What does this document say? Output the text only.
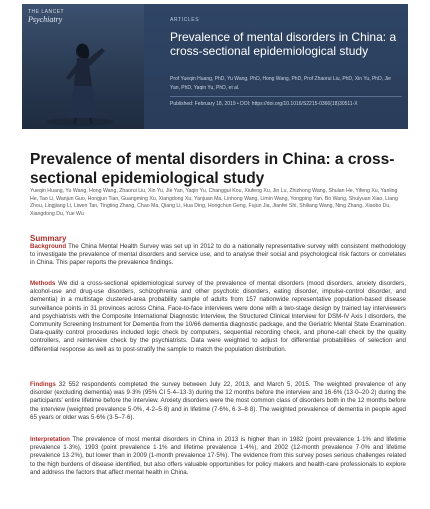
THE LANCET
Psychiatry	ARTICLES
Prevalence of mental disorders in China: a cross-sectional epidemiological study
Prof Yueqin Huang, PhD, Yu Wang, PhD, Hong Wang, PhD, Prof Zhaorui Liu, PhD, Xin Yu, PhD, Jie Yan, PhD, Yaqin Yu, PhD, et al.
Published: February 18, 2019 • DOI: https://doi.org/10.1016/S2215-0366(18)30511-X
Prevalence of mental disorders in China: a cross-sectional epidemiological study
Yueqin Huang, Yu Wang, Hong Wang, Zhaorui Liu, Xin Yu, Jie Yan, Yaqin Yu, Changgui Kou, Xiufeng Xu, Jin Lu, Zhizhong Wang, Shulan He, Yifeng Xu, Yanling He, Tao Li, Wanjun Guo, Hongjun Tian, Guangming Xu, Xiangdong Xu, Yanjuan Ma, Linhong Wang, Limin Wang, Yongping Yan, Bo Wang, Shuiyuan Xiao, Liang Zhou, Lingjiang Li, Liwen Tan, Tingting Zhang, Chao Ma, Qiang Li, Hua Ding, Hongchun Geng, Fujun Jia, Jianfei Shi, Shiliang Wang, Ning Zhang, Xiaobo Du, Xiangdong Du, Yue Wu
Summary
Background The China Mental Health Survey was set up in 2012 to do a nationally representative survey with consistent methodology to investigate the prevalence of mental disorders and service use, and to analyse their social and psychological risk factors or correlates in China. This paper reports the prevalence findings.
Methods We did a cross-sectional epidemiological survey of the prevalence of mental disorders (mood disorders, anxiety disorders, alcohol-use and drug-use disorders, schizophrenia and other psychotic disorders, eating disorder, impulse-control disorder, and dementia) in a multistage clustered-area probability sample of adults from 157 nationwide representative population-based disease surveillance points in 31 provinces across China. Face-to-face interviews were done with a two-stage design by trained lay interviewers and psychiatrists with the Composite International Diagnostic Interview, the Structured Clinical Interview for DSM-IV Axis I disorders, the Community Screening Instrument for Dementia from the 10/66 dementia diagnostic package, and the Geriatric Mental State Examination. Data-quality control procedures included logic check by computers, sequential recording check, and phone-call check by the quality controllers, and reinterview check by the psychiatrists. Data were weighted to adjust for differential probabilities of selection and differential response as well as to post-stratify the sample to match the population distribution.
Findings 32 552 respondents completed the survey between July 22, 2013, and March 5, 2015. The weighted prevalence of any disorder (excluding dementia) was 9·3% (95% CI 5·4–13·3) during the 12 months before the interview and 16·6% (13·0–20·2) during the participants' entire lifetime before the interview. Anxiety disorders were the most common class of disorders both in the 12 months before the interview (weighted prevalence 5·0%, 4·2–5·8) and in lifetime (7·6%, 6·3–8·8). The weighted prevalence of dementia in people aged 65 years or older was 5·6% (3·5–7·6).
Interpretation The prevalence of most mental disorders in China in 2013 is higher than in 1982 (point prevalence 1·1% and lifetime prevalence 1·3%), 1993 (point prevalence 1·1% and lifetime prevalence 1·4%), and 2002 (12-month prevalence 7·0% and lifetime prevalence 13·2%), but lower than in 2009 (1-month prevalence 17·5%). The evidence from this survey poses serious challenges related to the high burdens of disease identified, but also offers valuable opportunities for policy makers and health-care professionals to explore and address the factors that affect mental health in China.
